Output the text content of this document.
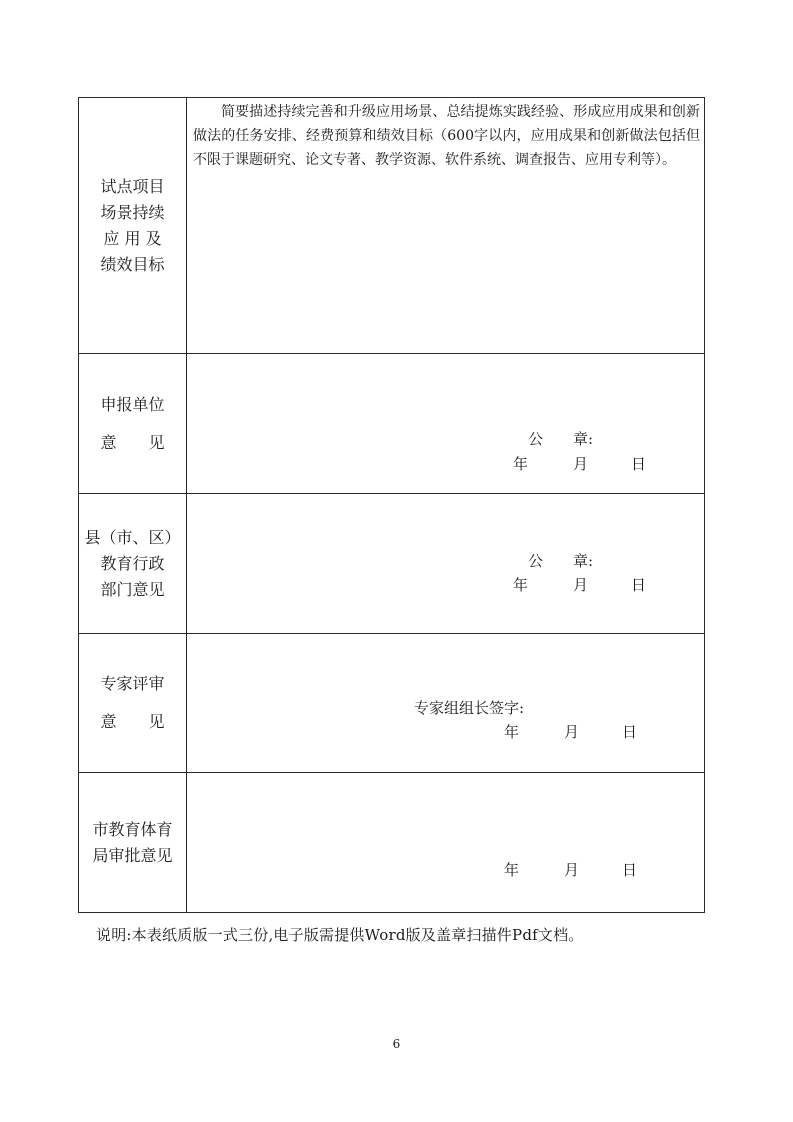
试点项目
场景持续
应 用 及
绩效目标	简要描述持续完善和升级应用场景、总结提炼实践经验、形成应用成果和创新做法的任务安排、经费预算和绩效目标（600字以内，应用成果和创新做法包括但不限于课题研究、论文专著、教学资源、软件系统、调查报告、应用专利等）。

申报单位
意　　见	公　　章:
年 月 日

县（市、区）
教育行政
部门意见	公　　章:
年 月 日

专家评审
意　　见	专家组组长签字:
年 月 日

市教育体育
局审批意见	年 月 日
说明:本表纸质版一式三份,电子版需提供Word版及盖章扫描件Pdf文档。
6
